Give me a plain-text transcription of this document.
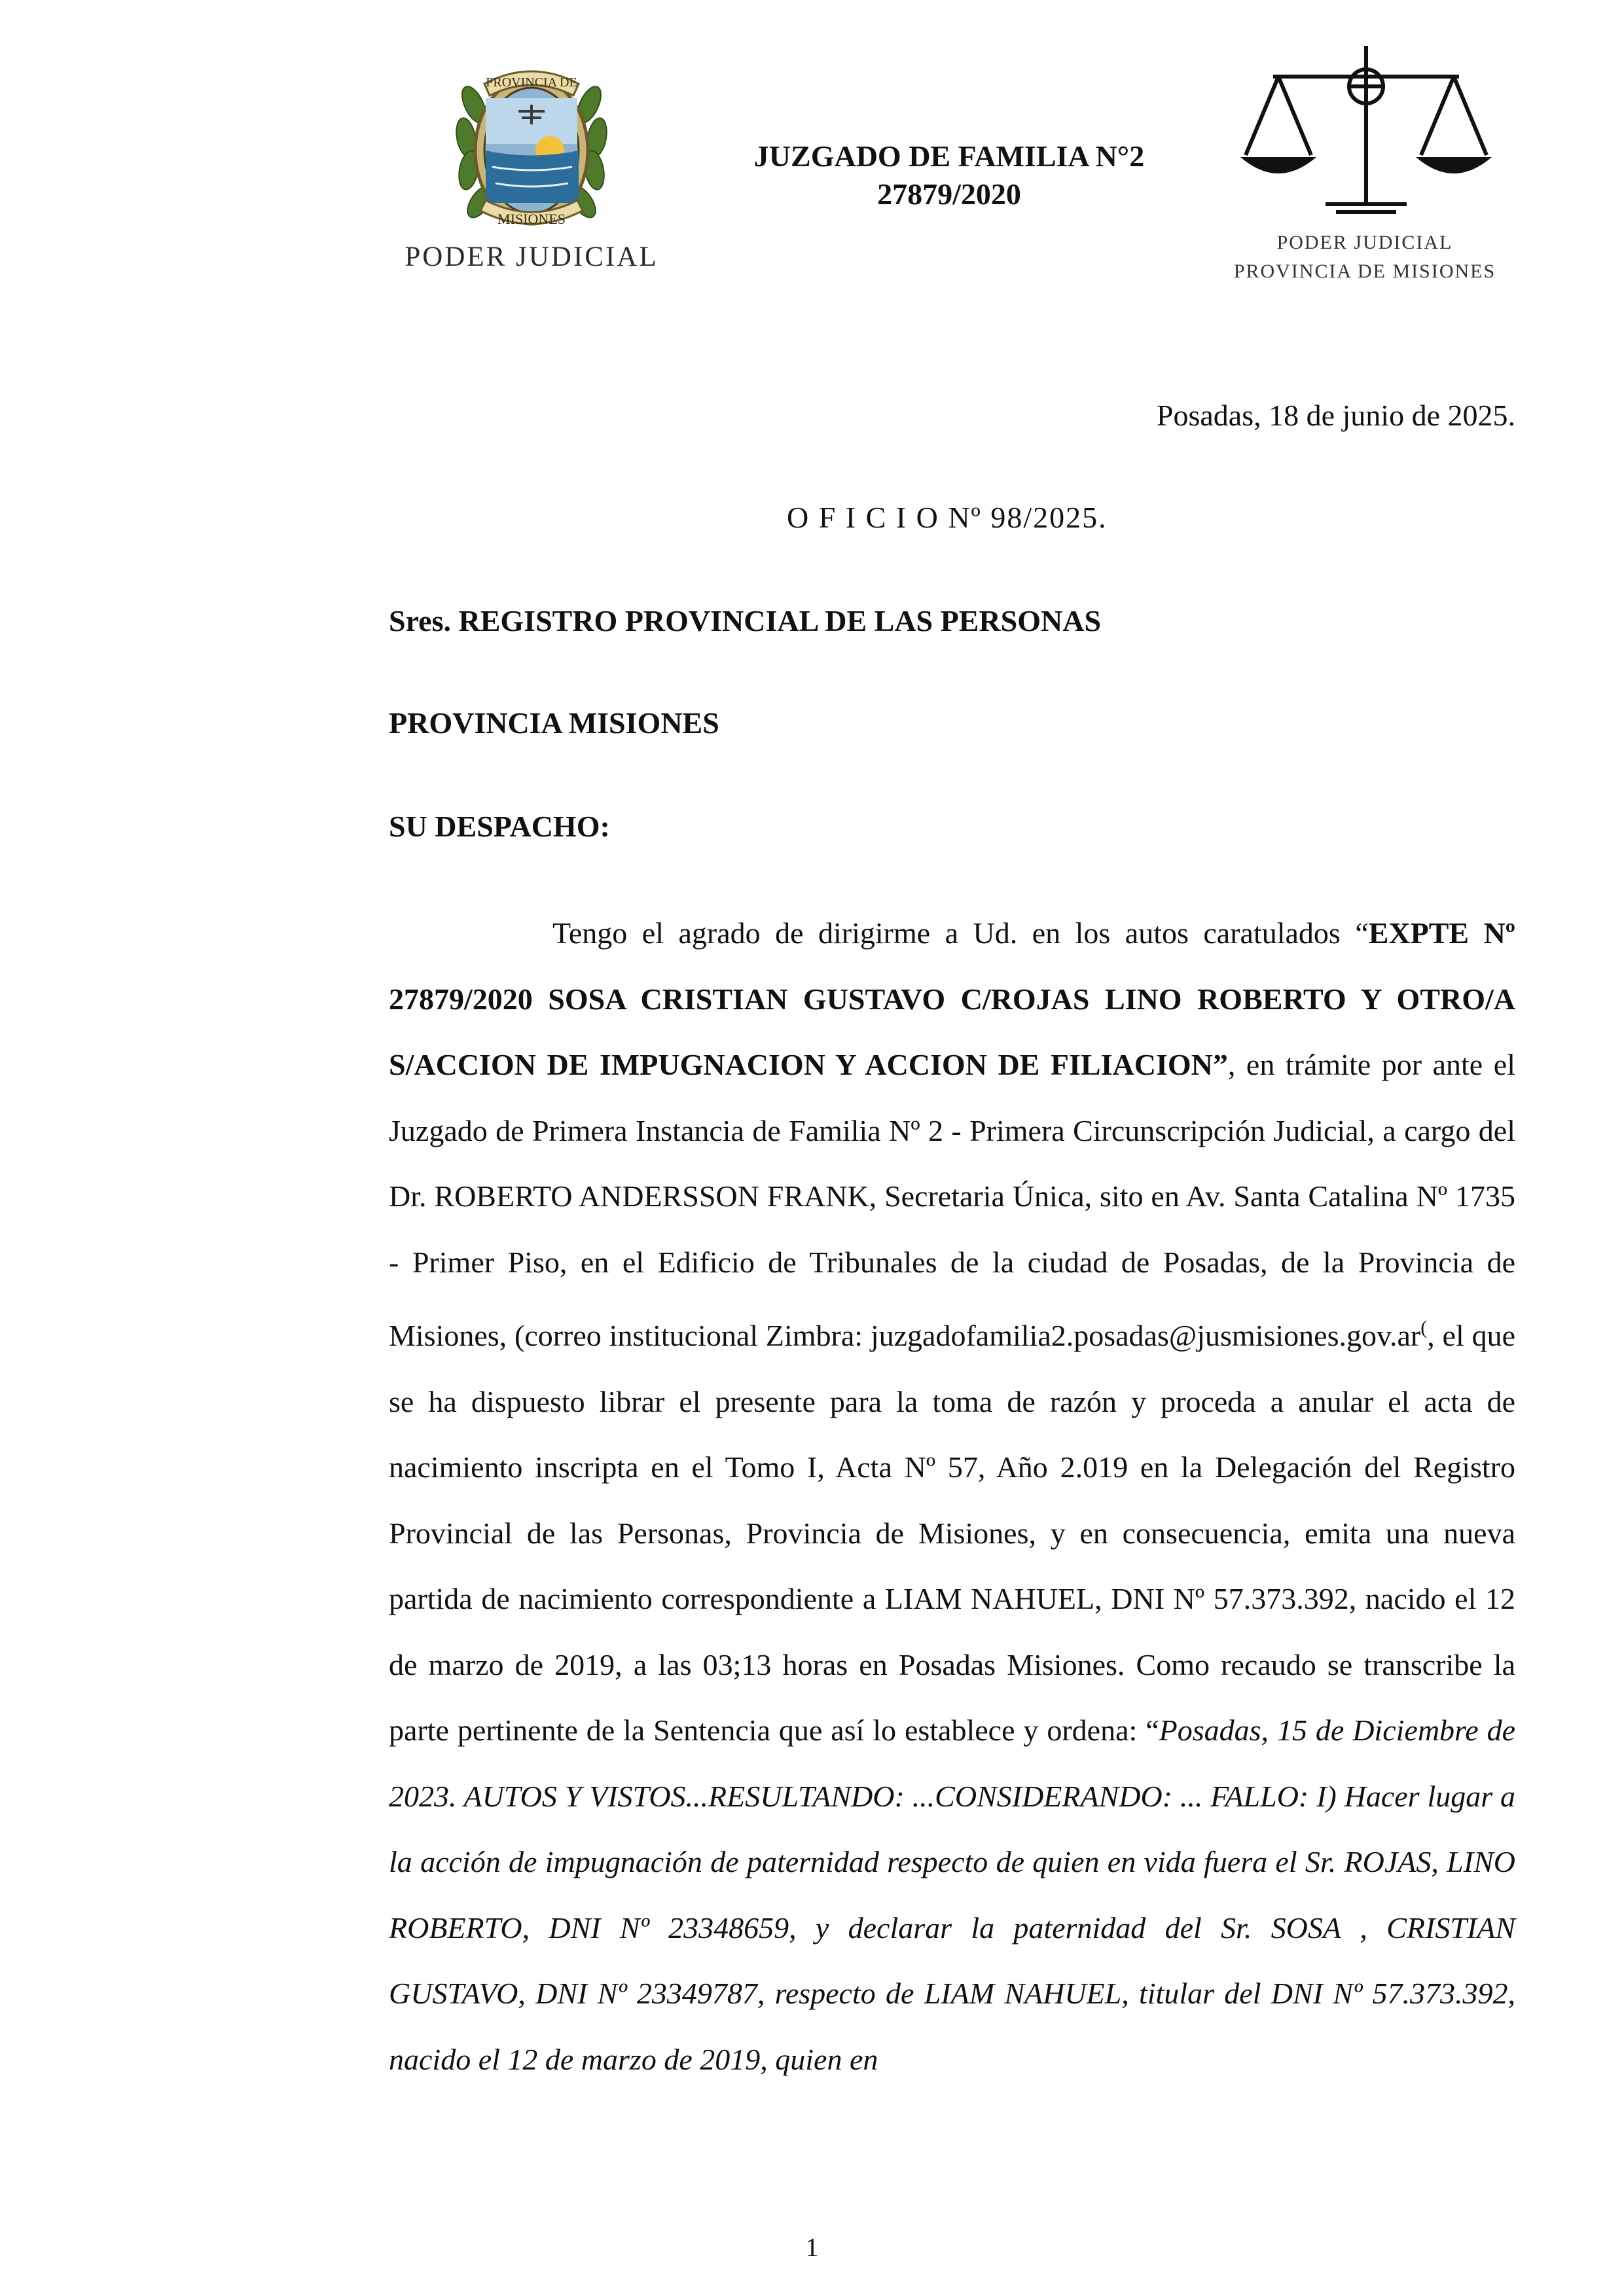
PROVINCIA DE
MISIONES
PODER JUDICIAL
JUZGADO DE FAMILIA N°2
27879/2020
PODER JUDICIAL
PROVINCIA DE MISIONES
Posadas, 18 de junio de 2025.
O F I C I O Nº 98/2025.
Sres. REGISTRO PROVINCIAL DE LAS PERSONAS
PROVINCIA MISIONES
SU DESPACHO:
Tengo el agrado de dirigirme a Ud. en los autos caratulados “EXPTE Nº 27879/2020 SOSA CRISTIAN GUSTAVO C/ROJAS LINO ROBERTO Y OTRO/A S/ACCION DE IMPUGNACION Y ACCION DE FILIACION”, en trámite por ante el Juzgado de Primera Instancia de Familia Nº 2 - Primera Circunscripción Judicial, a cargo del Dr. ROBERTO ANDERSSON FRANK, Secretaria Única, sito en Av. Santa Catalina Nº 1735 - Primer Piso, en el Edificio de Tribunales de la ciudad de Posadas, de la Provincia de Misiones, (correo institucional Zimbra: juzgadofamilia2.posadas@jusmisiones.gov.ar(, el que se ha dispuesto librar el presente para la toma de razón y proceda a anular el acta de nacimiento inscripta en el Tomo I, Acta Nº 57, Año 2.019 en la Delegación del Registro Provincial de las Personas, Provincia de Misiones, y en consecuencia, emita una nueva partida de nacimiento correspondiente a LIAM NAHUEL, DNI Nº 57.373.392, nacido el 12 de marzo de 2019, a las 03;13 horas en Posadas Misiones. Como recaudo se transcribe la parte pertinente de la Sentencia que así lo establece y ordena: “Posadas, 15 de Diciembre de 2023. AUTOS Y VISTOS...RESULTANDO: ...CONSIDERANDO: ... FALLO: I) Hacer lugar a la acción de impugnación de paternidad respecto de quien en vida fuera el Sr. ROJAS, LINO ROBERTO, DNI Nº 23348659, y declarar la paternidad del Sr. SOSA , CRISTIAN GUSTAVO, DNI Nº 23349787, respecto de LIAM NAHUEL, titular del DNI Nº 57.373.392, nacido el 12 de marzo de 2019, quien en
1
